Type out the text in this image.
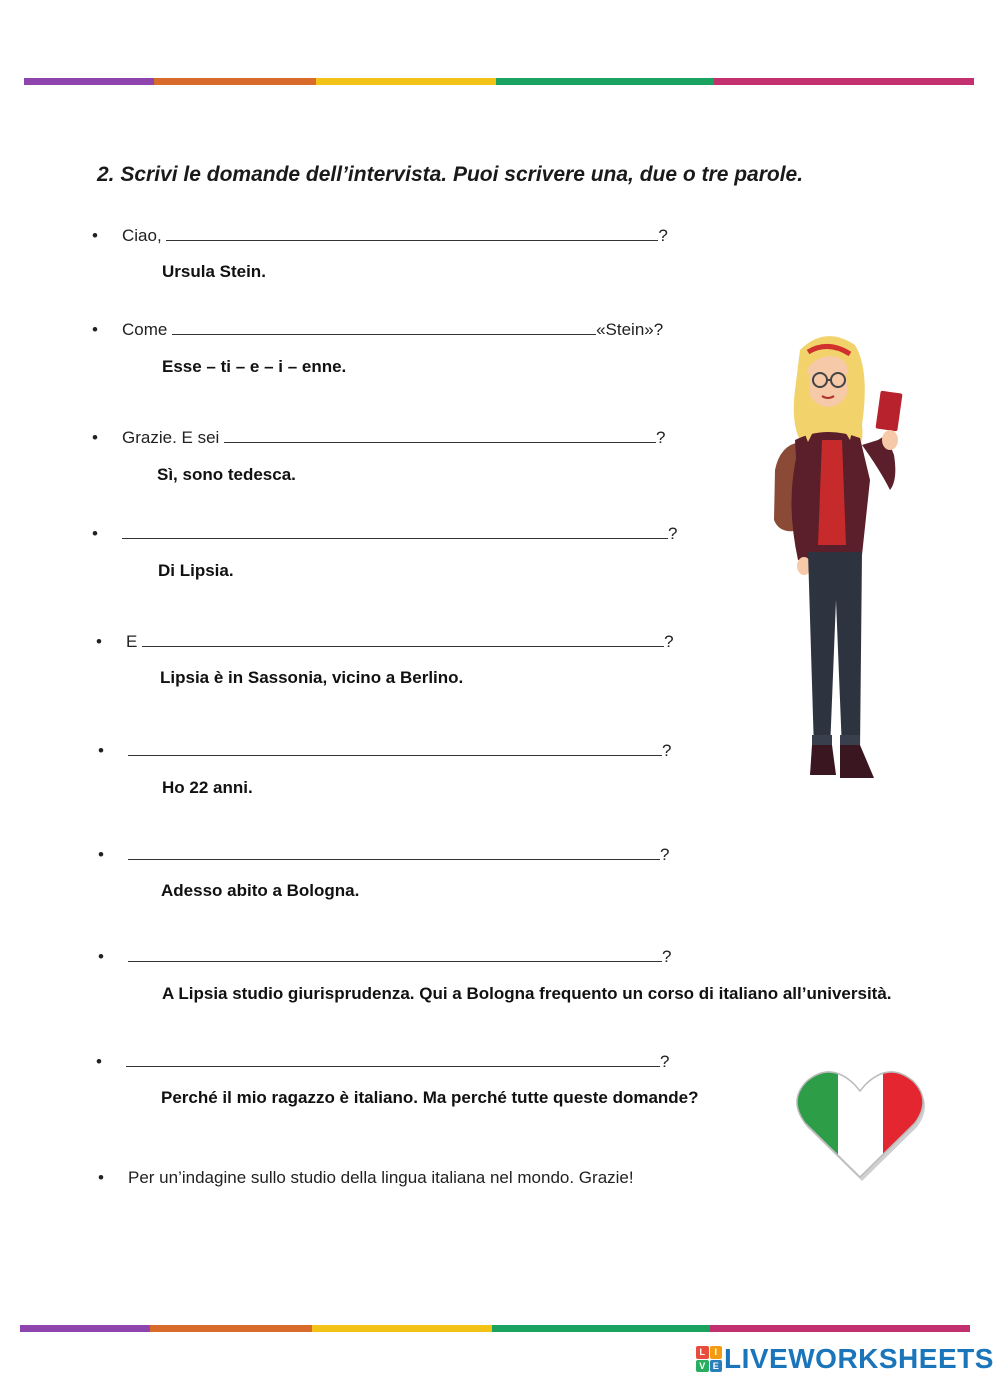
2. Scrivi le domande dell’intervista. Puoi scrivere una, due o tre parole.
• Ciao,	?
Ursula Stein.
• Come	«Stein»?
Esse – ti – e – i – enne.
• Grazie. E sei	?
Sì, sono tedesca.
•	?
Di Lipsia.
• E	?
Lipsia è in Sassonia, vicino a Berlino.
•	?
Ho 22 anni.
•	?
Adesso abito a Bologna.
•	?
A Lipsia studio giurisprudenza. Qui a Bologna frequento un corso di italiano all’università.
•	?
Perché il mio ragazzo è italiano. Ma perché tutte queste domande?
• Per un’indagine sullo studio della lingua italiana nel mondo. Grazie!
L	I
V E LIVEWORKSHEETS
